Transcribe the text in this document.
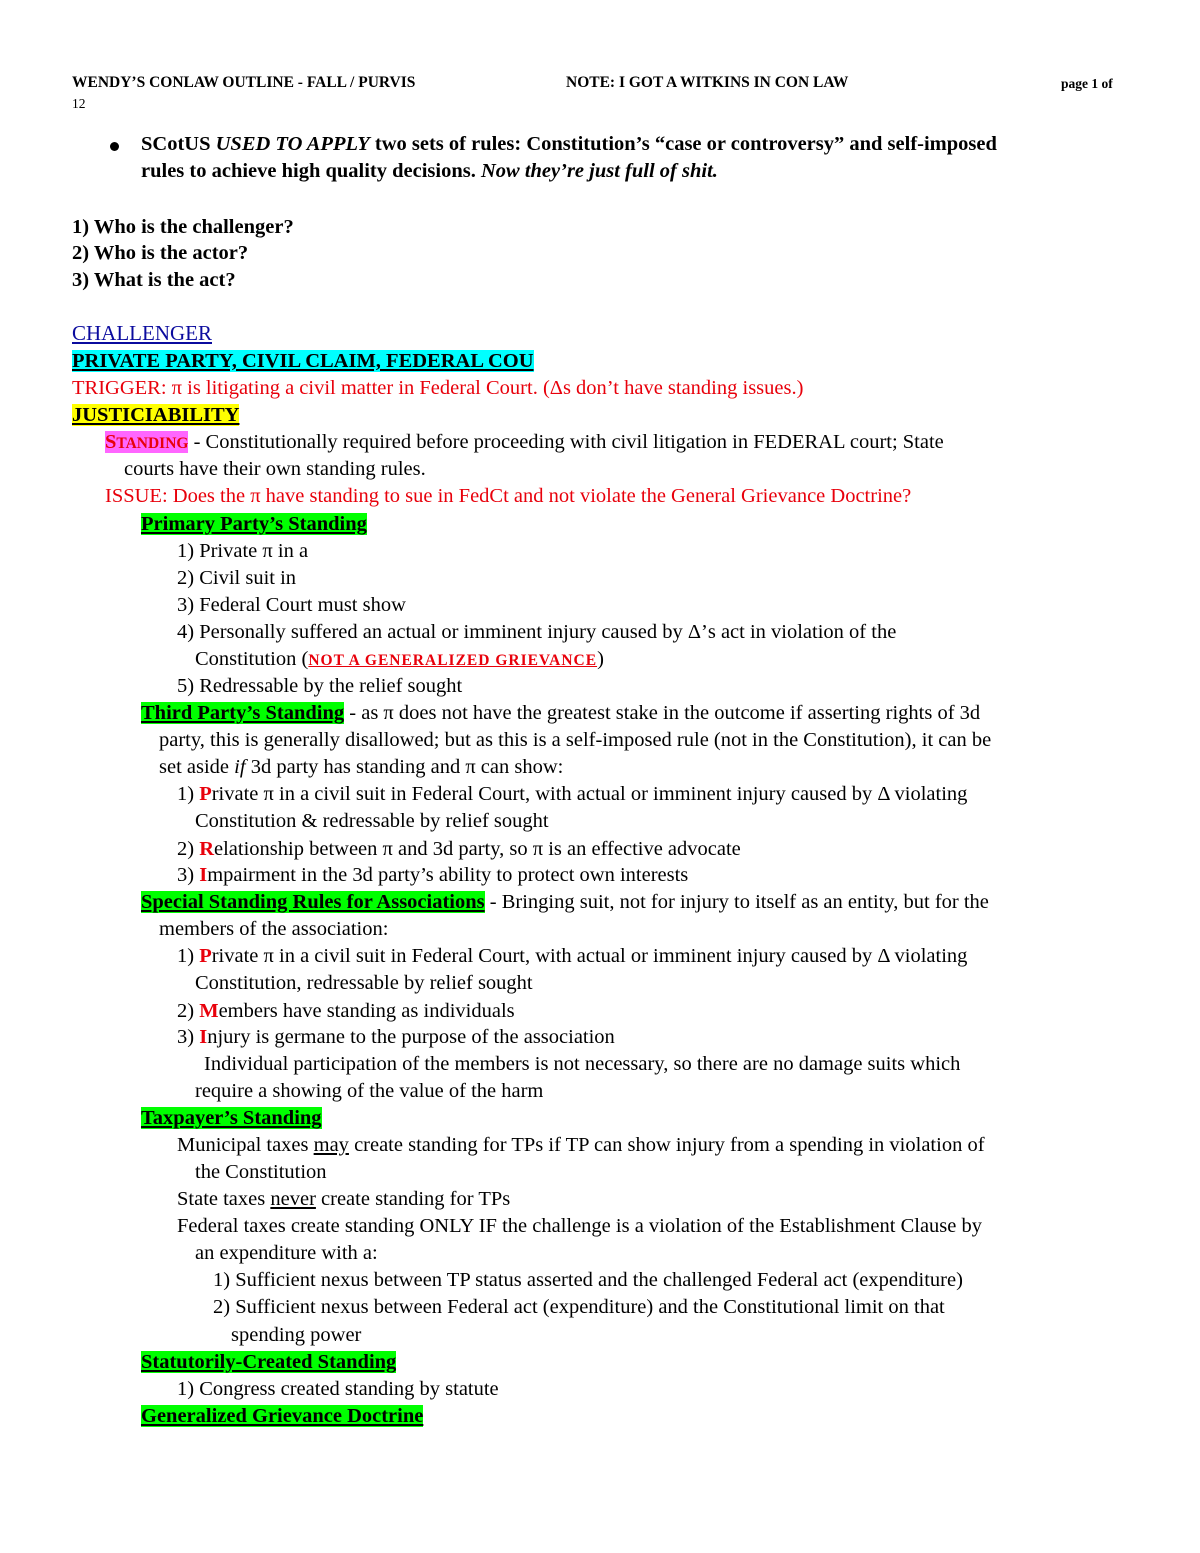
WENDY’S CONLAW OUTLINE - FALL / PURVIS	NOTE: I GOT A WITKINS IN CON LAW	page 1 of
12
SCotUS USED TO APPLY two sets of rules: Constitution’s “case or controversy” and self-imposed
rules to achieve high quality decisions. Now they’re just full of shit.
1) Who is the challenger?
2) Who is the actor?
3) What is the act?
CHALLENGER
PRIVATE PARTY, CIVIL CLAIM, FEDERAL COU
TRIGGER: π is litigating a civil matter in Federal Court. (Δs don’t have standing issues.)
JUSTICIABILITY
STANDING - Constitutionally required before proceeding with civil litigation in FEDERAL court; State
courts have their own standing rules.
ISSUE: Does the π have standing to sue in FedCt and not violate the General Grievance Doctrine?
Primary Party’s Standing
1) Private π in a
2) Civil suit in
3) Federal Court must show
4) Personally suffered an actual or imminent injury caused by Δ’s act in violation of the
Constitution (NOT A GENERALIZED GRIEVANCE)
5) Redressable by the relief sought
Third Party’s Standing - as π does not have the greatest stake in the outcome if asserting rights of 3d
party, this is generally disallowed; but as this is a self-imposed rule (not in the Constitution), it can be
set aside if 3d party has standing and π can show:
1) Private π in a civil suit in Federal Court, with actual or imminent injury caused by Δ violating
Constitution & redressable by relief sought
2) Relationship between π and 3d party, so π is an effective advocate
3) Impairment in the 3d party’s ability to protect own interests
Special Standing Rules for Associations - Bringing suit, not for injury to itself as an entity, but for the
members of the association:
1) Private π in a civil suit in Federal Court, with actual or imminent injury caused by Δ violating
Constitution, redressable by relief sought
2) Members have standing as individuals
3) Injury is germane to the purpose of the association
Individual participation of the members is not necessary, so there are no damage suits which
require a showing of the value of the harm
Taxpayer’s Standing
Municipal taxes may create standing for TPs if TP can show injury from a spending in violation of
the Constitution
State taxes never create standing for TPs
Federal taxes create standing ONLY IF the challenge is a violation of the Establishment Clause by
an expenditure with a:
1) Sufficient nexus between TP status asserted and the challenged Federal act (expenditure)
2) Sufficient nexus between Federal act (expenditure) and the Constitutional limit on that
spending power
Statutorily-Created Standing
1) Congress created standing by statute
Generalized Grievance Doctrine
